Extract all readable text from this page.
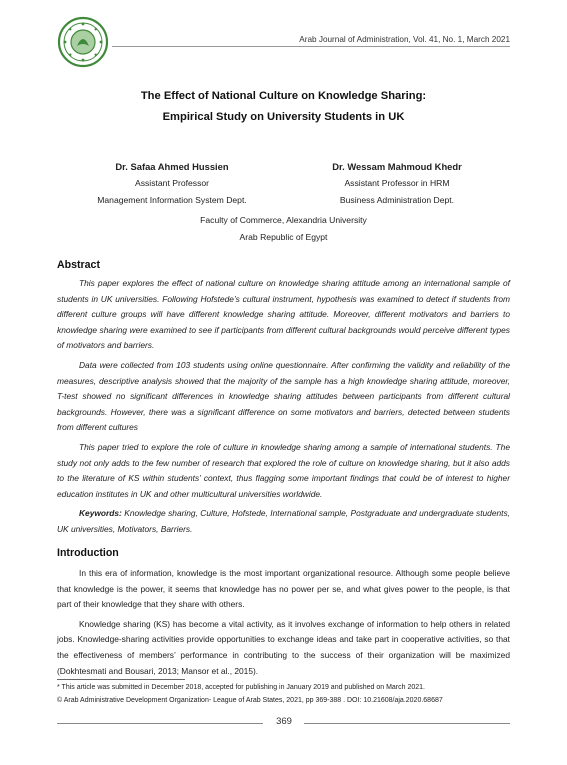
Arab Journal of Administration, Vol. 41, No. 1, March 2021
The Effect of National Culture on Knowledge Sharing:
Empirical Study on University Students in UK
Dr. Safaa Ahmed Hussien
Assistant Professor
Management Information System Dept.
Dr. Wessam Mahmoud Khedr
Assistant Professor in HRM
Business Administration Dept.
Faculty of Commerce, Alexandria University
Arab Republic of Egypt
Abstract

This paper explores the effect of national culture on knowledge sharing attitude among an international sample of students in UK universities. Following Hofstede’s cultural instrument, hypothesis was examined to detect if students from different culture groups will have different knowledge sharing attitude. Moreover, different motivators and barriers to knowledge sharing were examined to see if participants from different cultural backgrounds would perceive different types of motivators and barriers.

Data were collected from 103 students using online questionnaire. After confirming the validity and reliability of the measures, descriptive analysis showed that the majority of the sample has a high knowledge sharing attitude, moreover, T-test showed no significant differences in knowledge sharing attitudes between participants from different cultural backgrounds. However, there was a significant difference on some motivators and barriers, detected between students from different cultures

This paper tried to explore the role of culture in knowledge sharing among a sample of international students. The study not only adds to the few number of research that explored the role of culture on knowledge sharing, but it also adds to the literature of KS within students’ context, thus flagging some important findings that could be of interest to higher education institutes in UK and other multicultural universities worldwide.

Keywords: Knowledge sharing, Culture, Hofstede, International sample, Postgraduate and undergraduate students, UK universities, Motivators, Barriers.

Introduction

In this era of information, knowledge is the most important organizational resource. Although some people believe that knowledge is the power, it seems that knowledge has no power per se, and what gives power to the people, is that part of their knowledge that they share with others.

Knowledge sharing (KS) has become a vital activity, as it involves exchange of information to help others in related jobs. Knowledge-sharing activities provide opportunities to exchange ideas and take part in cooperative activities, so that the effectiveness of members’ performance in contributing to the success of their organization will be maximized (Dokhtesmati and Bousari, 2013; Mansor et al., 2015).

* This article was submitted in December 2018, accepted for publishing in January 2019 and published on March 2021.
© Arab Administrative Development Organization- League of Arab States, 2021, pp 369-388 . DOI: 10.21608/aja.2020.68687
369
